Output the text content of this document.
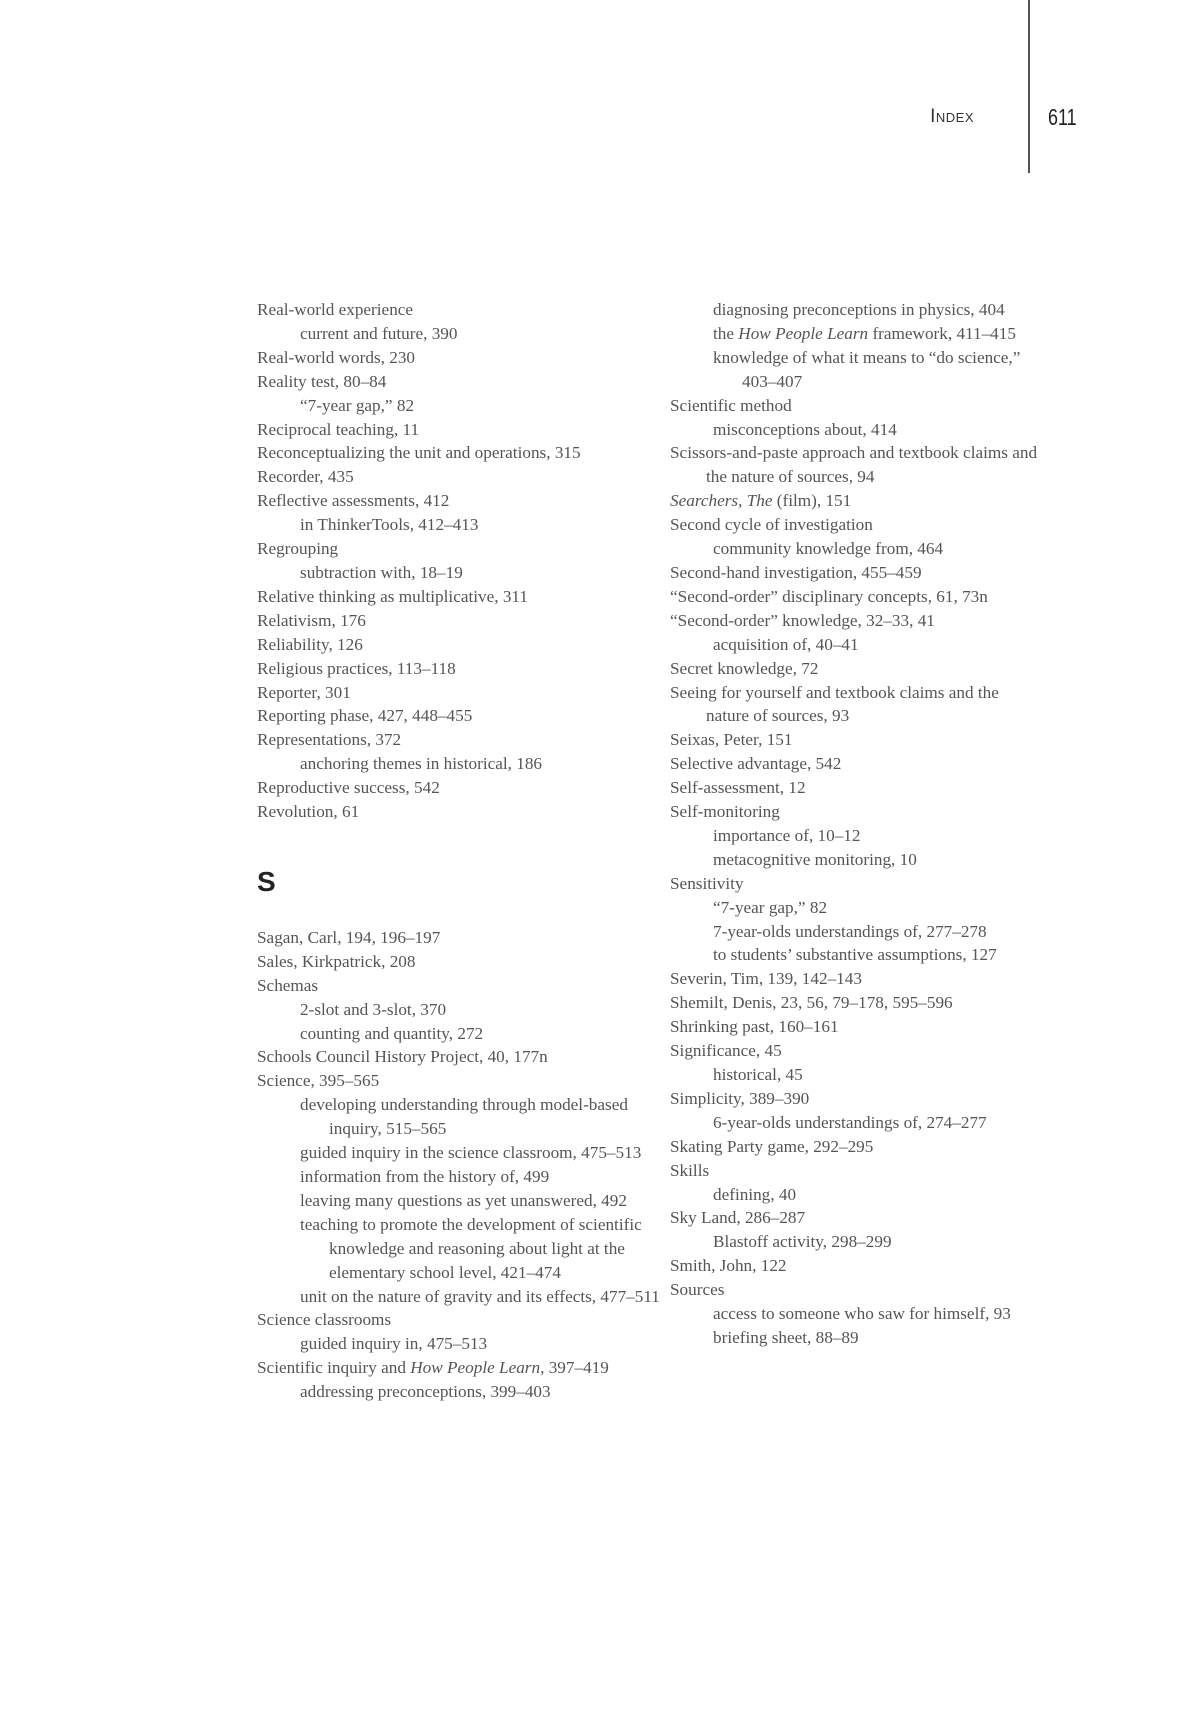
Index	611

Real-world experience

current and future, 390

Real-world words, 230

Reality test, 80–84

“7-year gap,” 82

Reciprocal teaching, 11

Reconceptualizing the unit and operations, 315

Recorder, 435

Reflective assessments, 412

in ThinkerTools, 412–413

Regrouping

subtraction with, 18–19

Relative thinking as multiplicative, 311

Relativism, 176

Reliability, 126

Religious practices, 113–118

Reporter, 301

Reporting phase, 427, 448–455

Representations, 372

anchoring themes in historical, 186

Reproductive success, 542

Revolution, 61

S

Sagan, Carl, 194, 196–197

Sales, Kirkpatrick, 208

Schemas

2-slot and 3-slot, 370

counting and quantity, 272

Schools Council History Project, 40, 177n

Science, 395–565

developing understanding through model-based inquiry, 515–565

guided inquiry in the science classroom, 475–513

information from the history of, 499

leaving many questions as yet unanswered, 492

teaching to promote the development of scientific knowledge and reasoning about light at the elementary school level, 421–474

unit on the nature of gravity and its effects, 477–511

Science classrooms

guided inquiry in, 475–513

Scientific inquiry and How People Learn, 397–419

addressing preconceptions, 399–403

diagnosing preconceptions in physics, 404

the How People Learn framework, 411–415

knowledge of what it means to “do science,” 403–407

Scientific method

misconceptions about, 414

Scissors-and-paste approach and textbook claims and the nature of sources, 94

Searchers, The (film), 151

Second cycle of investigation

community knowledge from, 464

Second-hand investigation, 455–459

“Second-order” disciplinary concepts, 61, 73n

“Second-order” knowledge, 32–33, 41

acquisition of, 40–41

Secret knowledge, 72

Seeing for yourself and textbook claims and the nature of sources, 93

Seixas, Peter, 151

Selective advantage, 542

Self-assessment, 12

Self-monitoring

importance of, 10–12

metacognitive monitoring, 10

Sensitivity

“7-year gap,” 82

7-year-olds understandings of, 277–278

to students’ substantive assumptions, 127

Severin, Tim, 139, 142–143

Shemilt, Denis, 23, 56, 79–178, 595–596

Shrinking past, 160–161

Significance, 45

historical, 45

Simplicity, 389–390

6-year-olds understandings of, 274–277

Skating Party game, 292–295

Skills

defining, 40

Sky Land, 286–287

Blastoff activity, 298–299

Smith, John, 122

Sources

access to someone who saw for himself, 93

briefing sheet, 88–89
